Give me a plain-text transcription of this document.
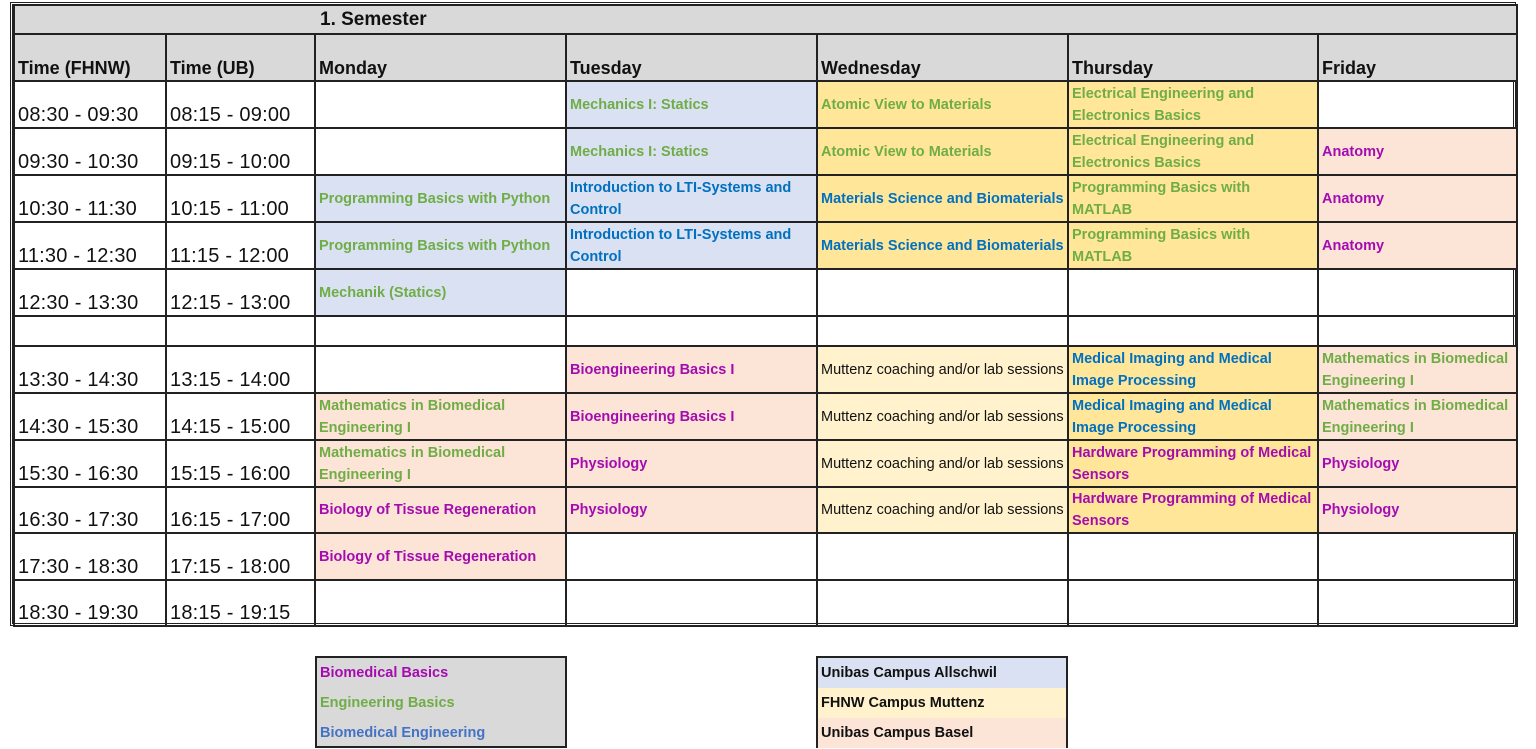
1. Semester						
Time (FHNW)	Time (UB)	Monday	Tuesday	Wednesday	Thursday	Friday
08:30 - 09:30	08:15 - 09:00		Mechanics I: Statics	Atomic View to Materials	Electrical Engineering and Electronics Basics	
09:30 - 10:30	09:15 - 10:00		Mechanics I: Statics	Atomic View to Materials	Electrical Engineering and Electronics Basics	Anatomy
10:30 - 11:30	10:15 - 11:00	Programming Basics with Python	Introduction to LTI-Systems and Control	Materials Science and Biomaterials	Programming Basics with MATLAB	Anatomy
11:30 - 12:30	11:15 - 12:00	Programming Basics with Python	Introduction to LTI-Systems and Control	Materials Science and Biomaterials	Programming Basics with MATLAB	Anatomy
12:30 - 13:30	12:15 - 13:00	Mechanik (Statics)				

13:30 - 14:30	13:15 - 14:00		Bioengineering Basics I	Muttenz coaching and/or lab sessions	Medical Imaging and Medical Image Processing	Mathematics in Biomedical Engineering I
14:30 - 15:30	14:15 - 15:00	Mathematics in Biomedical Engineering I	Bioengineering Basics I	Muttenz coaching and/or lab sessions	Medical Imaging and Medical Image Processing	Mathematics in Biomedical Engineering I
15:30 - 16:30	15:15 - 16:00	Mathematics in Biomedical Engineering I	Physiology	Muttenz coaching and/or lab sessions	Hardware Programming of Medical Sensors	Physiology
16:30 - 17:30	16:15 - 17:00	Biology of Tissue Regeneration	Physiology	Muttenz coaching and/or lab sessions	Hardware Programming of Medical Sensors	Physiology
17:30 - 18:30	17:15 - 18:00	Biology of Tissue Regeneration				
18:30 - 19:30	18:15 - 19:15					
Biomedical Basics
Engineering Basics
Biomedical Engineering
Unibas Campus Allschwil
FHNW Campus Muttenz
Unibas Campus Basel
